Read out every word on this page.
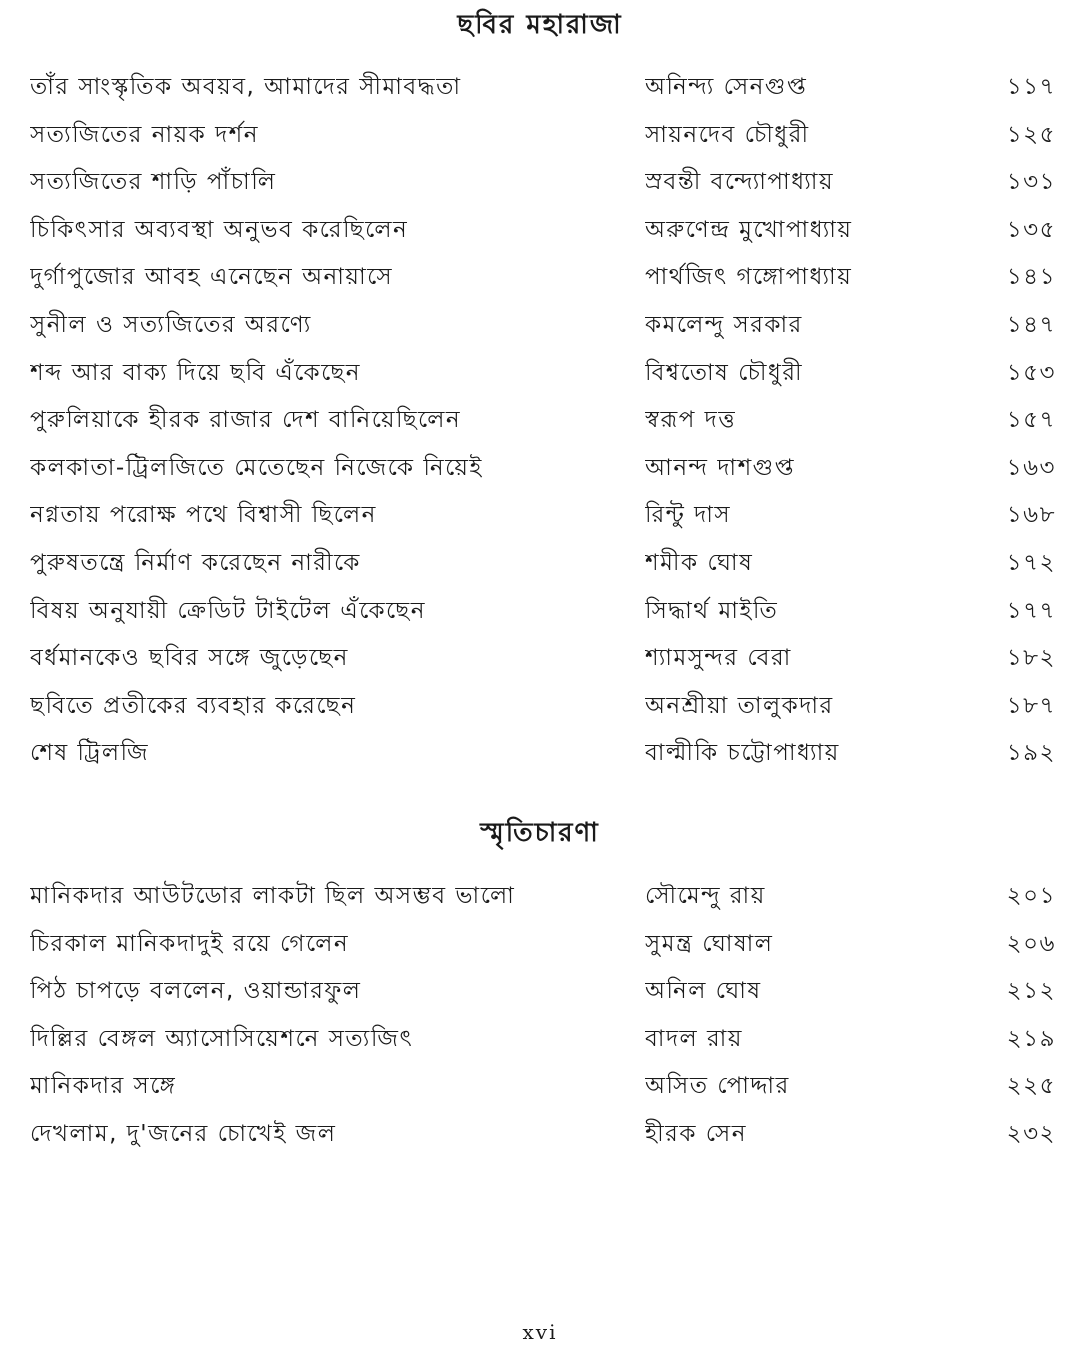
ছবির মহারাজা
তাঁর সাংস্কৃতিক অবয়ব, আমাদের সীমাবদ্ধতা	অনিন্দ্য সেনগুপ্ত	১১৭
সত্যজিতের নায়ক দর্শন	সায়নদেব চৌধুরী	১২৫
সত্যজিতের শাড়ি পাঁচালি	স্রবন্তী বন্দ্যোপাধ্যায়	১৩১
চিকিৎসার অব্যবস্থা অনুভব করেছিলেন	অরুণেন্দ্র মুখোপাধ্যায়	১৩৫
দুর্গাপুজোর আবহ এনেছেন অনায়াসে	পার্থজিৎ গঙ্গোপাধ্যায়	১৪১
সুনীল ও সত্যজিতের অরণ্যে	কমলেন্দু সরকার	১৪৭
শব্দ আর বাক্য দিয়ে ছবি এঁকেছেন	বিশ্বতোষ চৌধুরী	১৫৩
পুরুলিয়াকে হীরক রাজার দেশ বানিয়েছিলেন	স্বরূপ দত্ত	১৫৭
কলকাতা-ট্রিলজিতে মেতেছেন নিজেকে নিয়েই	আনন্দ দাশগুপ্ত	১৬৩
নগ্নতায় পরোক্ষ পথে বিশ্বাসী ছিলেন	রিন্টু দাস	১৬৮
পুরুষতন্ত্রে নির্মাণ করেছেন নারীকে	শমীক ঘোষ	১৭২
বিষয় অনুযায়ী ক্রেডিট টাইটেল এঁকেছেন	সিদ্ধার্থ মাইতি	১৭৭
বর্ধমানকেও ছবির সঙ্গে জুড়েছেন	শ্যামসুন্দর বেরা	১৮২
ছবিতে প্রতীকের ব্যবহার করেছেন	অনশ্রীয়া তালুকদার	১৮৭
শেষ ট্রিলজি	বাল্মীকি চট্টোপাধ্যায়	১৯২
স্মৃতিচারণা
মানিকদার আউটডোর লাকটা ছিল অসম্ভব ভালো	সৌমেন্দু রায়	২০১
চিরকাল মানিকদাদুই রয়ে গেলেন	সুমন্ত্র ঘোষাল	২০৬
পিঠ চাপড়ে বললেন, ওয়ান্ডারফুল	অনিল ঘোষ	২১২
দিল্লির বেঙ্গল অ্যাসোসিয়েশনে সত্যজিৎ	বাদল রায়	২১৯
মানিকদার সঙ্গে	অসিত পোদ্দার	২২৫
দেখলাম, দু'জনের চোখেই জল	হীরক সেন	২৩২
xvi
